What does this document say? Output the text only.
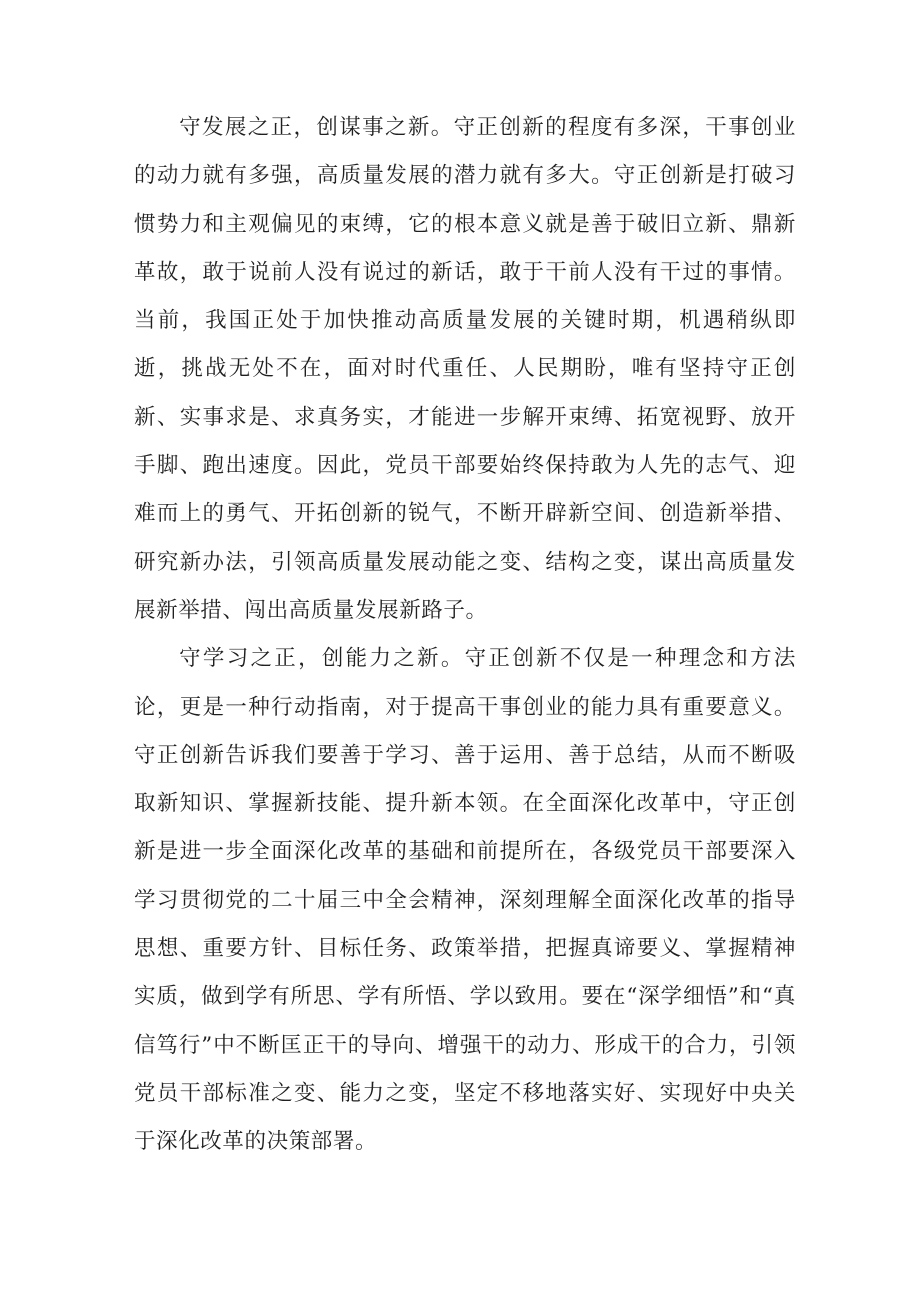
守发展之正，创谋事之新。守正创新的程度有多深，干事创业的动力就有多强，高质量发展的潜力就有多大。守正创新是打破习惯势力和主观偏见的束缚，它的根本意义就是善于破旧立新、鼎新革故，敢于说前人没有说过的新话，敢于干前人没有干过的事情。当前，我国正处于加快推动高质量发展的关键时期，机遇稍纵即逝，挑战无处不在，面对时代重任、人民期盼，唯有坚持守正创新、实事求是、求真务实，才能进一步解开束缚、拓宽视野、放开手脚、跑出速度。因此，党员干部要始终保持敢为人先的志气、迎难而上的勇气、开拓创新的锐气，不断开辟新空间、创造新举措、研究新办法，引领高质量发展动能之变、结构之变，谋出高质量发展新举措、闯出高质量发展新路子。

守学习之正，创能力之新。守正创新不仅是一种理念和方法论，更是一种行动指南，对于提高干事创业的能力具有重要意义。守正创新告诉我们要善于学习、善于运用、善于总结，从而不断吸取新知识、掌握新技能、提升新本领。在全面深化改革中，守正创新是进一步全面深化改革的基础和前提所在，各级党员干部要深入学习贯彻党的二十届三中全会精神，深刻理解全面深化改革的指导思想、重要方针、目标任务、政策举措，把握真谛要义、掌握精神实质，做到学有所思、学有所悟、学以致用。要在“深学细悟”和“真信笃行”中不断匡正干的导向、增强干的动力、形成干的合力，引领党员干部标准之变、能力之变，坚定不移地落实好、实现好中央关于深化改革的决策部署。
